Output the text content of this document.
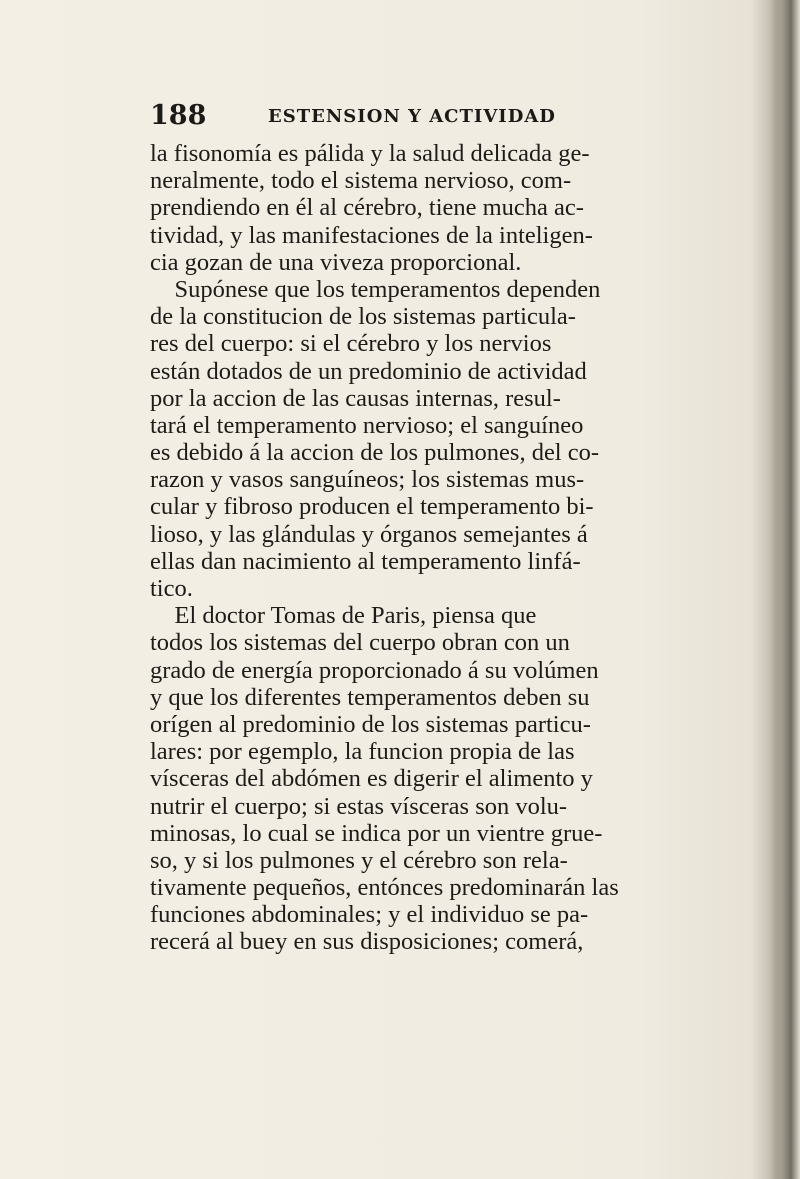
188	ESTENSION Y ACTIVIDAD
la fisonomía es pálida y la salud delicada ge-
neralmente, todo el sistema nervioso, com-
prendiendo en él al cérebro, tiene mucha ac-
tividad, y las manifestaciones de la inteligen-
cia gozan de una viveza proporcional.
Supónese que los temperamentos dependen
de la constitucion de los sistemas particula-
res del cuerpo: si el cérebro y los nervios
están dotados de un predominio de actividad
por la accion de las causas internas, resul-
tará el temperamento nervioso; el sanguíneo
es debido á la accion de los pulmones, del co-
razon y vasos sanguíneos; los sistemas mus-
cular y fibroso producen el temperamento bi-
lioso, y las glándulas y órganos semejantes á
ellas dan nacimiento al temperamento linfá-
tico.
El doctor Tomas de Paris, piensa que
todos los sistemas del cuerpo obran con un
grado de energía proporcionado á su volúmen
y que los diferentes temperamentos deben su
orígen al predominio de los sistemas particu-
lares: por egemplo, la funcion propia de las
vísceras del abdómen es digerir el alimento y
nutrir el cuerpo; si estas vísceras son volu-
minosas, lo cual se indica por un vientre grue-
so, y si los pulmones y el cérebro son rela-
tivamente pequeños, entónces predominarán las
funciones abdominales; y el individuo se pa-
recerá al buey en sus disposiciones; comerá,
